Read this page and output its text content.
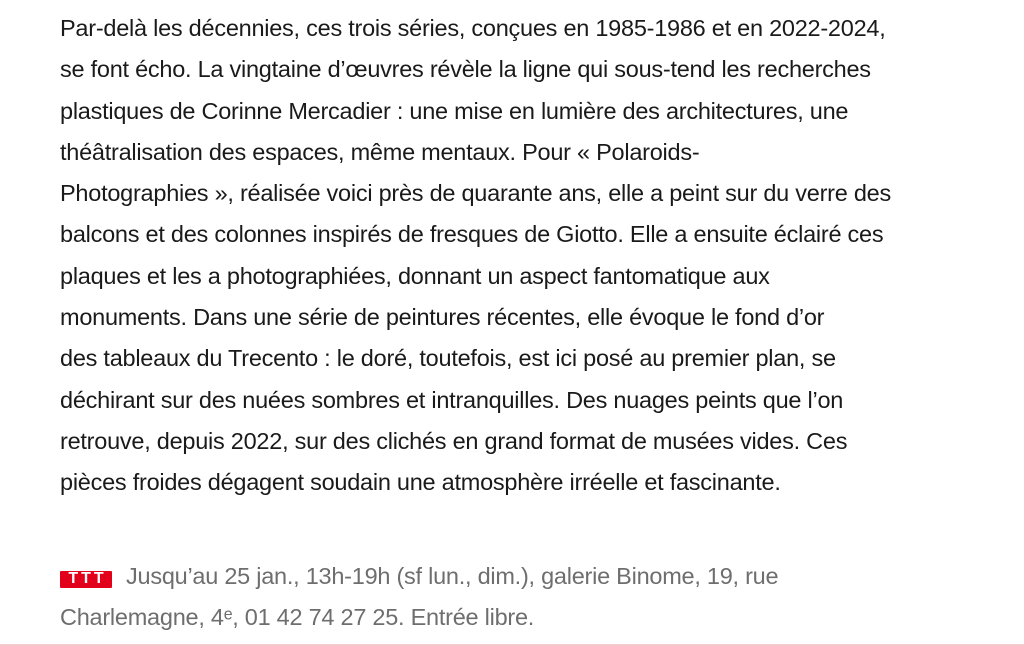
Par-delà les décennies, ces trois séries, conçues en 1985-1986 et en 2022-2024,
se font écho. La vingtaine d’œuvres révèle la ligne qui sous-tend les recherches
plastiques de Corinne Mercadier : une mise en lumière des architectures, une
théâtralisation des espaces, même mentaux. Pour « Polaroids-
Photographies », réalisée voici près de quarante ans, elle a peint sur du verre des
balcons et des colonnes inspirés de fresques de Giotto. Elle a ensuite éclairé ces
plaques et les a photographiées, donnant un aspect fantomatique aux
monuments. Dans une série de peintures récentes, elle évoque le fond d’or
des tableaux du Trecento : le doré, toutefois, est ici posé au premier plan, se
déchirant sur des nuées sombres et intranquilles. Des nuages peints que l’on
retrouve, depuis 2022, sur des clichés en grand format de musées vides. Ces
pièces froides dégagent soudain une atmosphère irréelle et fascinante.
T T T Jusqu’au 25 jan., 13h-19h (sf lun., dim.), galerie Binome, 19, rue
Charlemagne, 4ᵉ, 01 42 74 27 25. Entrée libre.
